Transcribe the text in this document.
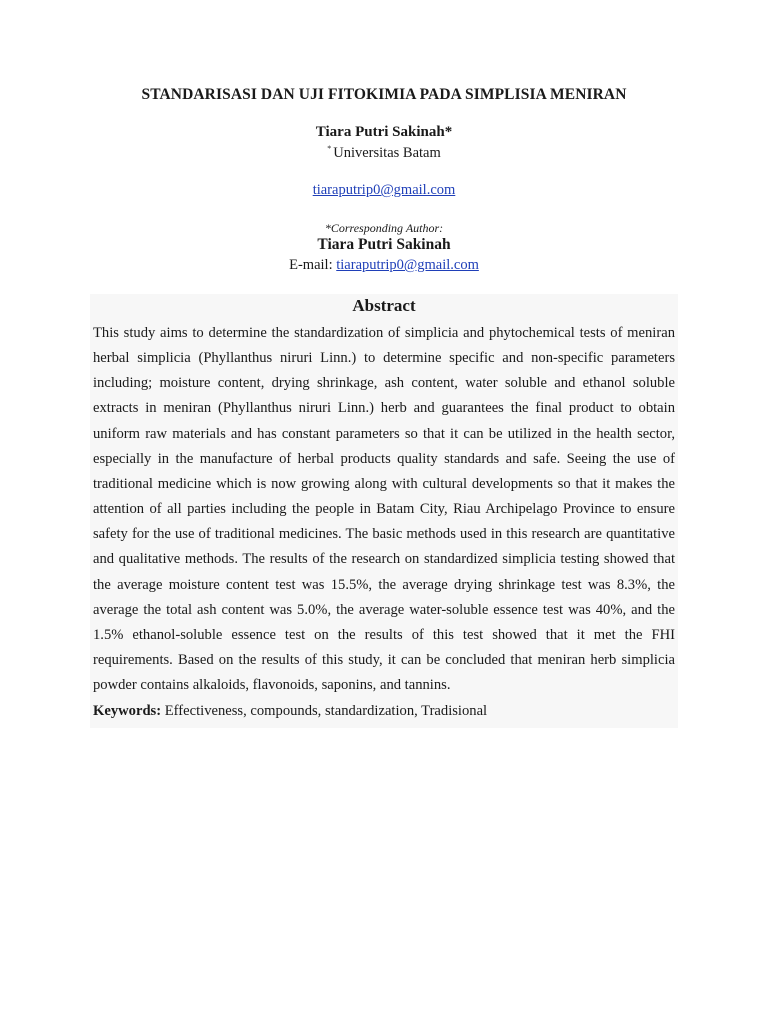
STANDARISASI DAN UJI FITOKIMIA PADA SIMPLISIA MENIRAN
Tiara Putri Sakinah*
* Universitas Batam
tiaraputrip0@gmail.com
*Corresponding Author:
Tiara Putri Sakinah
E-mail: tiaraputrip0@gmail.com
Abstract
This study aims to determine the standardization of simplicia and phytochemical tests of meniran herbal simplicia (Phyllanthus niruri Linn.) to determine specific and non-specific parameters including; moisture content, drying shrinkage, ash content, water soluble and ethanol soluble extracts in meniran (Phyllanthus niruri Linn.) herb and guarantees the final product to obtain uniform raw materials and has constant parameters so that it can be utilized in the health sector, especially in the manufacture of herbal products quality standards and safe. Seeing the use of traditional medicine which is now growing along with cultural developments so that it makes the attention of all parties including the people in Batam City, Riau Archipelago Province to ensure safety for the use of traditional medicines. The basic methods used in this research are quantitative and qualitative methods. The results of the research on standardized simplicia testing showed that the average moisture content test was 15.5%, the average drying shrinkage test was 8.3%, the average the total ash content was 5.0%, the average water-soluble essence test was 40%, and the 1.5% ethanol-soluble essence test on the results of this test showed that it met the FHI requirements. Based on the results of this study, it can be concluded that meniran herb simplicia powder contains alkaloids, flavonoids, saponins, and tannins.
Keywords: Effectiveness, compounds, standardization, Tradisional
